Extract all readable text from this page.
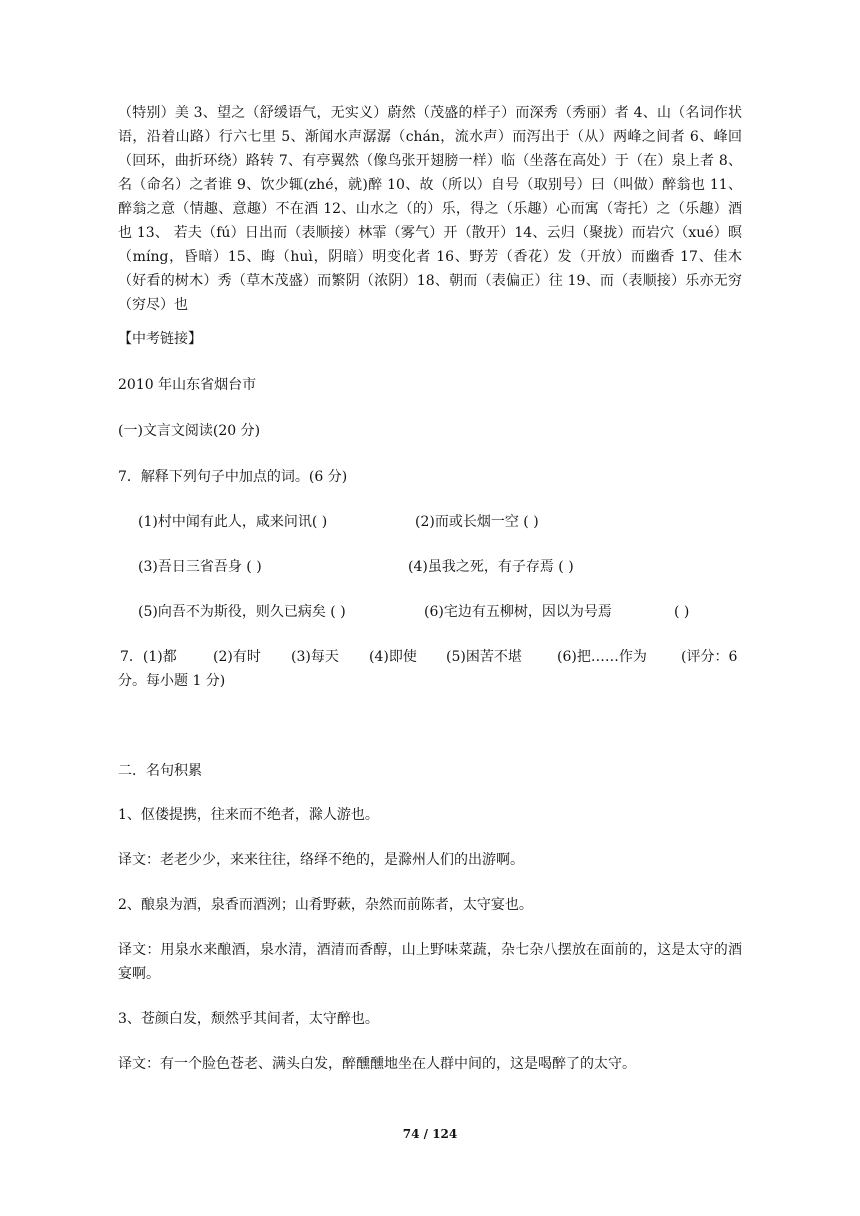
（特别）美 3、望之（舒缓语气，无实义）蔚然（茂盛的样子）而深秀（秀丽）者 4、山（名词作状语，沿着山路）行六七里 5、渐闻水声潺潺（chán，流水声）而泻出于（从）两峰之间者 6、峰回（回环，曲折环绕）路转 7、有亭翼然（像鸟张开翅膀一样）临（坐落在高处）于（在）泉上者 8、名（命名）之者谁 9、饮少辄(zhé，就)醉 10、故（所以）自号（取别号）曰（叫做）醉翁也 11、醉翁之意（情趣、意趣）不在酒 12、山水之（的）乐，得之（乐趣）心而寓（寄托）之（乐趣）酒也 13、 若夫（fú）日出而（表顺接）林霏（雾气）开（散开）14、云归（聚拢）而岩穴（xué）暝（míng，昏暗）15、晦（huì，阴暗）明变化者 16、野芳（香花）发（开放）而幽香 17、佳木（好看的树木）秀（草木茂盛）而繁阴（浓阴）18、朝而（表偏正）往 19、而（表顺接）乐亦无穷（穷尽）也
【中考链接】
2010 年山东省烟台市
(一)文言文阅读(20 分)
7．解释下列句子中加点的词。(6 分)
(1)村中闻有此人，咸来问讯( )	(2)而或长烟一空 ( )
(3)吾日三省吾身 ( )	(4)虽我之死，有子存焉 ( )
(5)向吾不为斯役，则久已病矣 ( )	(6)宅边有五柳树，因以为号焉	( )
7．(1)都	(2)有时 (3)每天 (4)即使 (5)困苦不堪	(6)把……作为 (评分：6
分。每小题 1 分)
二．名句积累
1、伛偻提携，往来而不绝者，滁人游也。
译文：老老少少，来来往往，络绎不绝的，是滁州人们的出游啊。
2、酿泉为酒，泉香而酒洌；山肴野蔌，杂然而前陈者，太守宴也。
译文：用泉水来酿酒，泉水清，酒清而香醇，山上野味菜蔬，杂七杂八摆放在面前的，这是太守的酒宴啊。
3、苍颜白发，颓然乎其间者，太守醉也。
译文：有一个脸色苍老、满头白发，醉醺醺地坐在人群中间的，这是喝醉了的太守。
74 / 124
